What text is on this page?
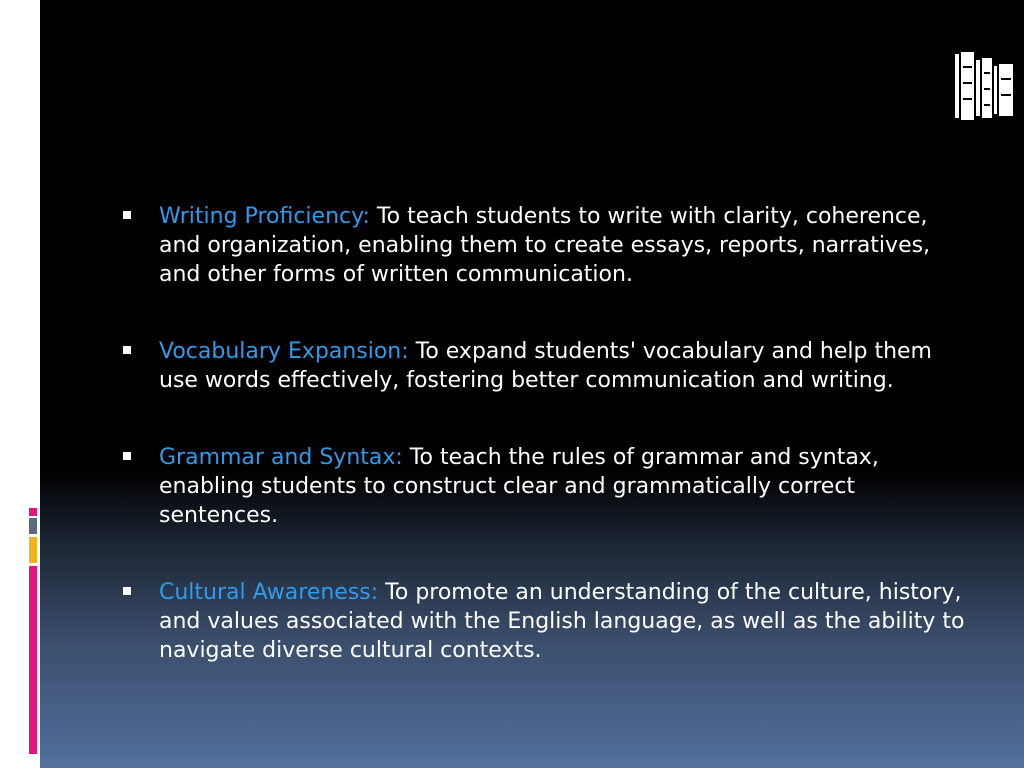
Writing Proficiency: To teach students to write with clarity, coherence, and organization, enabling them to create essays, reports, narratives, and other forms of written communication.
Vocabulary Expansion: To expand students' vocabulary and help them use words effectively, fostering better communication and writing.
Grammar and Syntax: To teach the rules of grammar and syntax, enabling students to construct clear and grammatically correct sentences.
Cultural Awareness: To promote an understanding of the culture, history, and values associated with the English language, as well as the ability to navigate diverse cultural contexts.
